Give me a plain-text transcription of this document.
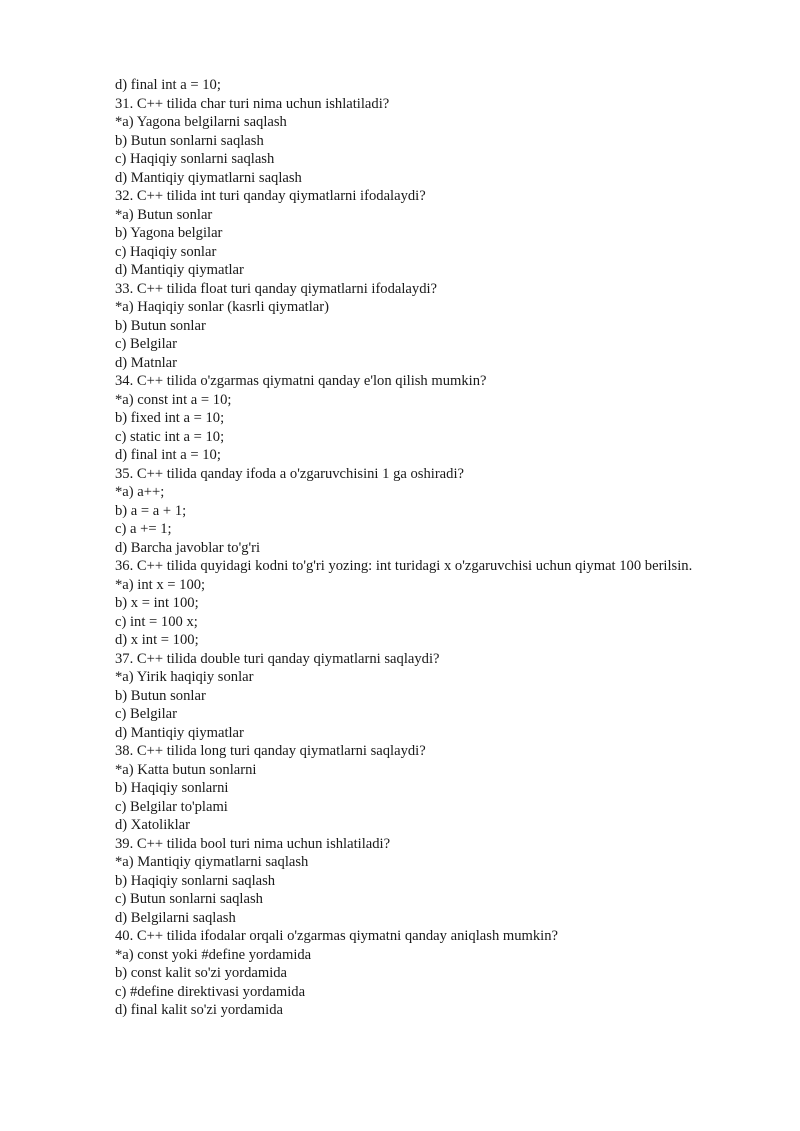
d) final int a = 10;
31. C++ tilida char turi nima uchun ishlatiladi?
*a) Yagona belgilarni saqlash
b) Butun sonlarni saqlash
c) Haqiqiy sonlarni saqlash
d) Mantiqiy qiymatlarni saqlash
32. C++ tilida int turi qanday qiymatlarni ifodalaydi?
*a) Butun sonlar
b) Yagona belgilar
c) Haqiqiy sonlar
d) Mantiqiy qiymatlar
33. C++ tilida float turi qanday qiymatlarni ifodalaydi?
*a) Haqiqiy sonlar (kasrli qiymatlar)
b) Butun sonlar
c) Belgilar
d) Matnlar
34. C++ tilida o'zgarmas qiymatni qanday e'lon qilish mumkin?
*a) const int a = 10;
b) fixed int a = 10;
c) static int a = 10;
d) final int a = 10;
35. C++ tilida qanday ifoda a o'zgaruvchisini 1 ga oshiradi?
*a) a++;
b) a = a + 1;
c) a += 1;
d) Barcha javoblar to'g'ri
36. C++ tilida quyidagi kodni to'g'ri yozing: int turidagi x o'zgaruvchisi uchun qiymat 100 berilsin.
*a) int x = 100;
b) x = int 100;
c) int = 100 x;
d) x int = 100;
37. C++ tilida double turi qanday qiymatlarni saqlaydi?
*a) Yirik haqiqiy sonlar
b) Butun sonlar
c) Belgilar
d) Mantiqiy qiymatlar
38. C++ tilida long turi qanday qiymatlarni saqlaydi?
*a) Katta butun sonlarni
b) Haqiqiy sonlarni
c) Belgilar to'plami
d) Xatoliklar
39. C++ tilida bool turi nima uchun ishlatiladi?
*a) Mantiqiy qiymatlarni saqlash
b) Haqiqiy sonlarni saqlash
c) Butun sonlarni saqlash
d) Belgilarni saqlash
40. C++ tilida ifodalar orqali o'zgarmas qiymatni qanday aniqlash mumkin?
*a) const yoki #define yordamida
b) const kalit so'zi yordamida
c) #define direktivasi yordamida
d) final kalit so'zi yordamida
